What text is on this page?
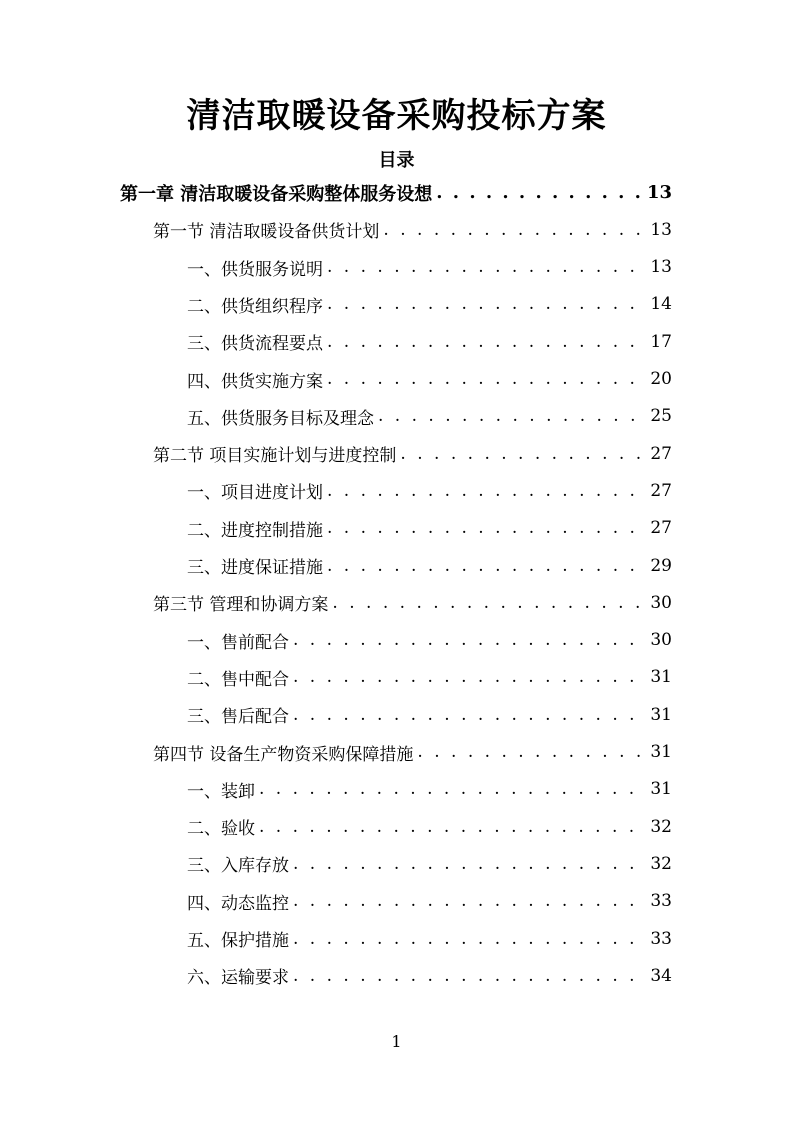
清洁取暖设备采购投标方案
目录
第一章 清洁取暖设备采购整体服务设想 . . .	13
第一节 清洁取暖设备供货计划 . . .	13
一、供货服务说明 . . .	13
二、供货组织程序 . . .	14
三、供货流程要点 . . .	17
四、供货实施方案 . . .	20
五、供货服务目标及理念 . . .	25
第二节 项目实施计划与进度控制 . . .	27
一、项目进度计划 . . .	27
二、进度控制措施 . . .	27
三、进度保证措施 . . .	29
第三节 管理和协调方案 . . .	30
一、售前配合 . . .	30
二、售中配合 . . .	31
三、售后配合 . . .	31
第四节 设备生产物资采购保障措施 . . .	31
一、装卸 . . .	31
二、验收 . . .	32
三、入库存放 . . .	32
四、动态监控 . . .	33
五、保护措施 . . .	33
六、运输要求 . . .	34
1
